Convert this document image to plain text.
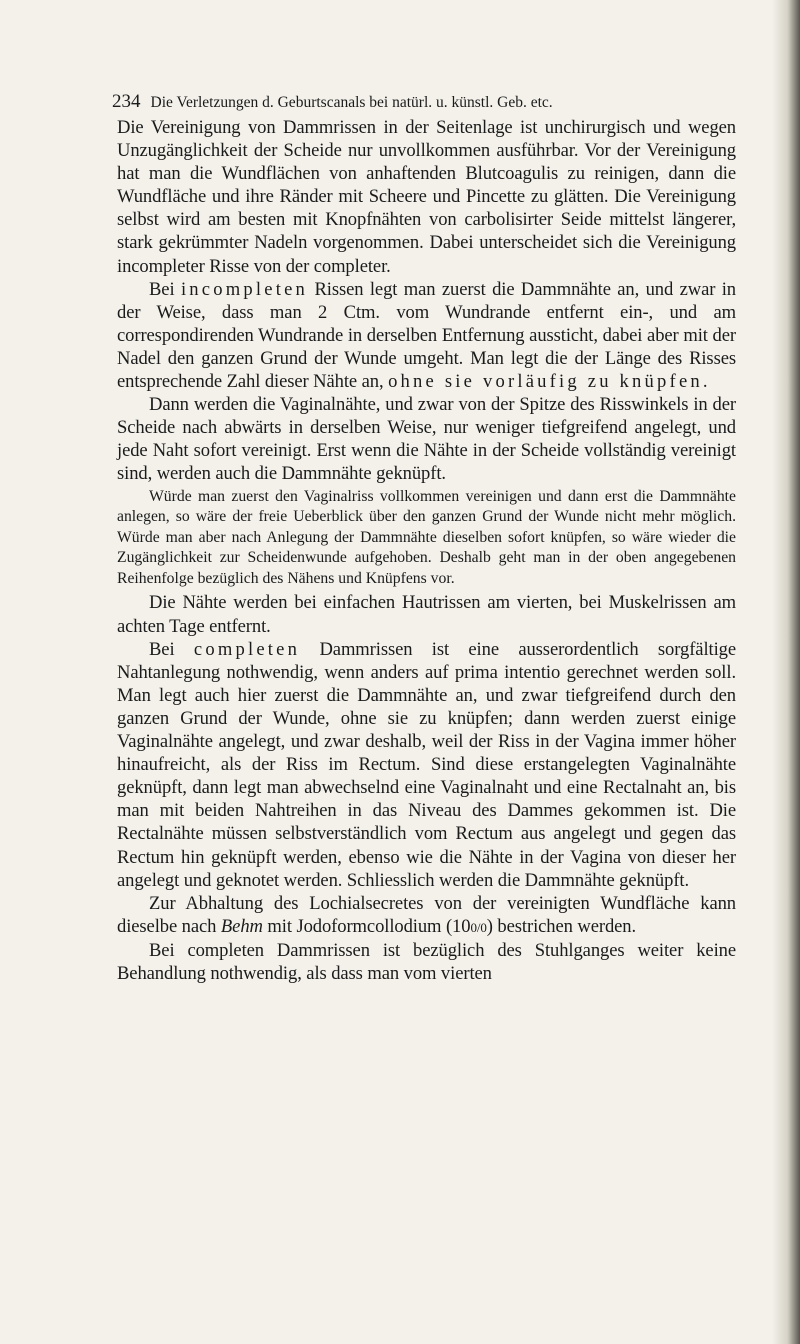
234 Die Verletzungen d. Geburtscanals bei natürl. u. künstl. Geb. etc.

Die Vereinigung von Dammrissen in der Seitenlage ist unchirurgisch und wegen Unzugänglichkeit der Scheide nur unvollkommen ausführbar. Vor der Vereinigung hat man die Wundflächen von anhaftenden Blutcoagulis zu reinigen, dann die Wundfläche und ihre Ränder mit Scheere und Pincette zu glätten. Die Vereinigung selbst wird am besten mit Knopfnähten von carbolisirter Seide mittelst längerer, stark gekrümmter Nadeln vorgenommen. Dabei unterscheidet sich die Vereinigung incompleter Risse von der completer.

Bei incompleten Rissen legt man zuerst die Dammnähte an, und zwar in der Weise, dass man 2 Ctm. vom Wundrande entfernt ein-, und am correspondirenden Wundrande in derselben Entfernung aussticht, dabei aber mit der Nadel den ganzen Grund der Wunde umgeht. Man legt die der Länge des Risses entsprechende Zahl dieser Nähte an, ohne sie vorläufig zu knüpfen.

Dann werden die Vaginalnähte, und zwar von der Spitze des Risswinkels in der Scheide nach abwärts in derselben Weise, nur weniger tiefgreifend angelegt, und jede Naht sofort vereinigt. Erst wenn die Nähte in der Scheide vollständig vereinigt sind, werden auch die Dammnähte geknüpft.

Würde man zuerst den Vaginalriss vollkommen vereinigen und dann erst die Dammnähte anlegen, so wäre der freie Ueberblick über den ganzen Grund der Wunde nicht mehr möglich. Würde man aber nach Anlegung der Dammnähte dieselben sofort knüpfen, so wäre wieder die Zugänglichkeit zur Scheidenwunde aufgehoben. Deshalb geht man in der oben angegebenen Reihenfolge bezüglich des Nähens und Knüpfens vor.

Die Nähte werden bei einfachen Hautrissen am vierten, bei Muskelrissen am achten Tage entfernt.

Bei completen Dammrissen ist eine ausserordentlich sorgfältige Nahtanlegung nothwendig, wenn anders auf prima intentio gerechnet werden soll. Man legt auch hier zuerst die Dammnähte an, und zwar tiefgreifend durch den ganzen Grund der Wunde, ohne sie zu knüpfen; dann werden zuerst einige Vaginalnähte angelegt, und zwar deshalb, weil der Riss in der Vagina immer höher hinaufreicht, als der Riss im Rectum. Sind diese erstangelegten Vaginalnähte geknüpft, dann legt man abwechselnd eine Vaginalnaht und eine Rectalnaht an, bis man mit beiden Nahtreihen in das Niveau des Dammes gekommen ist. Die Rectalnähte müssen selbstverständlich vom Rectum aus angelegt und gegen das Rectum hin geknüpft werden, ebenso wie die Nähte in der Vagina von dieser her angelegt und geknotet werden. Schliesslich werden die Dammnähte geknüpft.

Zur Abhaltung des Lochialsecretes von der vereinigten Wundfläche kann dieselbe nach Behm mit Jodoformcollodium (100/0) bestrichen werden.

Bei completen Dammrissen ist bezüglich des Stuhlganges weiter keine Behandlung nothwendig, als dass man vom vierten
